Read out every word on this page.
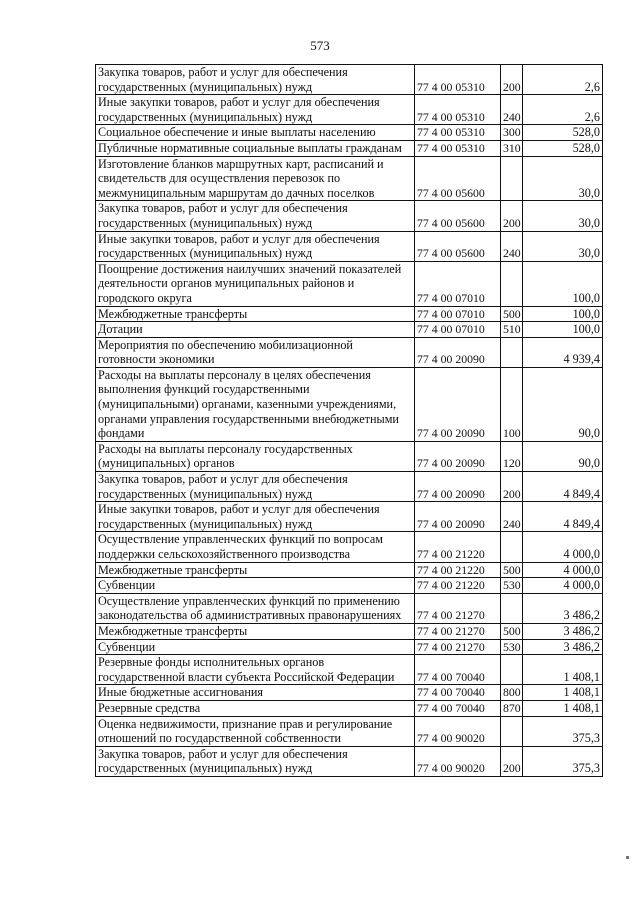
573
Закупка товаров, работ и услуг для обеспечения государственных (муниципальных) нужд	77 4 00 05310	200	2,6
Иные закупки товаров, работ и услуг для обеспечения государственных (муниципальных) нужд	77 4 00 05310	240	2,6
Социальное обеспечение и иные выплаты населению	77 4 00 05310	300	528,0
Публичные нормативные социальные выплаты гражданам	77 4 00 05310	310	528,0
Изготовление бланков маршрутных карт, расписаний и свидетельств для осуществления перевозок по межмуниципальным маршрутам до дачных поселков	77 4 00 05600		30,0
Закупка товаров, работ и услуг для обеспечения государственных (муниципальных) нужд	77 4 00 05600	200	30,0
Иные закупки товаров, работ и услуг для обеспечения государственных (муниципальных) нужд	77 4 00 05600	240	30,0
Поощрение достижения наилучших значений показателей деятельности органов муниципальных районов и городского округа	77 4 00 07010		100,0
Межбюджетные трансферты	77 4 00 07010	500	100,0
Дотации	77 4 00 07010	510	100,0
Мероприятия по обеспечению мобилизационной готовности экономики	77 4 00 20090		4 939,4
Расходы на выплаты персоналу в целях обеспечения выполнения функций государственными (муниципальными) органами, казенными учреждениями, органами управления государственными внебюджетными фондами	77 4 00 20090	100	90,0
Расходы на выплаты персоналу государственных (муниципальных) органов	77 4 00 20090	120	90,0
Закупка товаров, работ и услуг для обеспечения государственных (муниципальных) нужд	77 4 00 20090	200	4 849,4
Иные закупки товаров, работ и услуг для обеспечения государственных (муниципальных) нужд	77 4 00 20090	240	4 849,4
Осуществление управленческих функций по вопросам поддержки сельскохозяйственного производства	77 4 00 21220		4 000,0
Межбюджетные трансферты	77 4 00 21220	500	4 000,0
Субвенции	77 4 00 21220	530	4 000,0
Осуществление управленческих функций по применению законодательства об административных правонарушениях	77 4 00 21270		3 486,2
Межбюджетные трансферты	77 4 00 21270	500	3 486,2
Субвенции	77 4 00 21270	530	3 486,2
Резервные фонды исполнительных органов государственной власти субъекта Российской Федерации	77 4 00 70040		1 408,1
Иные бюджетные ассигнования	77 4 00 70040	800	1 408,1
Резервные средства	77 4 00 70040	870	1 408,1
Оценка недвижимости, признание прав и регулирование отношений по государственной собственности	77 4 00 90020		375,3
Закупка товаров, работ и услуг для обеспечения государственных (муниципальных) нужд	77 4 00 90020	200	375,3
